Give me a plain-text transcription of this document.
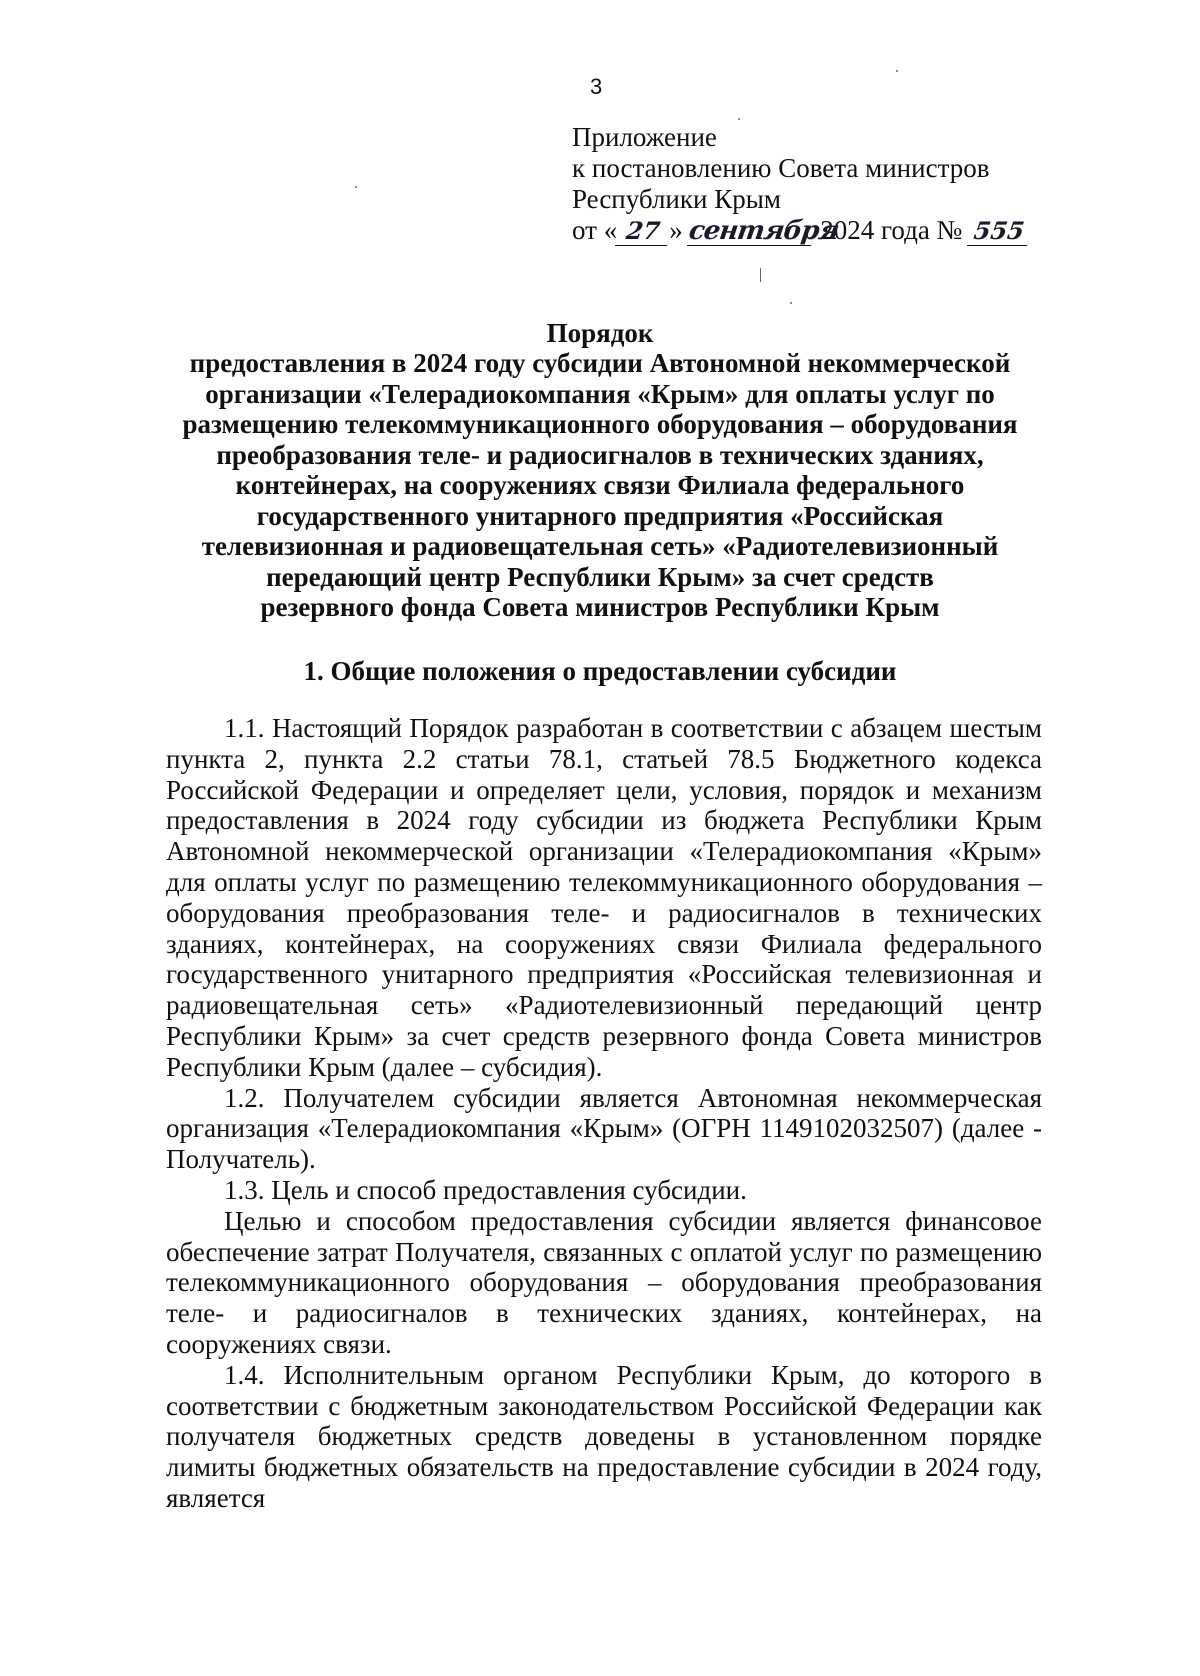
3
Приложение
к постановлению Совета министров
Республики Крым
от « 27 » сентября 2024 года № 555
Порядок
предоставления в 2024 году субсидии Автономной некоммерческой
организации «Телерадиокомпания «Крым» для оплаты услуг по
размещению телекоммуникационного оборудования – оборудования
преобразования теле- и радиосигналов в технических зданиях,
контейнерах, на сооружениях связи Филиала федерального
государственного унитарного предприятия «Российская
телевизионная и радиовещательная сеть» «Радиотелевизионный
передающий центр Республики Крым» за счет средств
резервного фонда Совета министров Республики Крым
1. Общие положения о предоставлении субсидии

1.1. Настоящий Порядок разработан в соответствии с абзацем шестым пункта 2, пункта 2.2 статьи 78.1, статьей 78.5 Бюджетного кодекса Российской Федерации и определяет цели, условия, порядок и механизм предоставления в 2024 году субсидии из бюджета Республики Крым Автономной некоммерческой организации «Телерадиокомпания «Крым» для оплаты услуг по размещению телекоммуникационного оборудования – оборудования преобразования теле- и радиосигналов в технических зданиях, контейнерах, на сооружениях связи Филиала федерального государственного унитарного предприятия «Российская телевизионная и радиовещательная сеть» «Радиотелевизионный передающий центр Республики Крым» за счет средств резервного фонда Совета министров Республики Крым (далее – субсидия).

1.2. Получателем субсидии является Автономная некоммерческая организация «Телерадиокомпания «Крым» (ОГРН 1149102032507) (далее - Получатель).

1.3. Цель и способ предоставления субсидии.

Целью и способом предоставления субсидии является финансовое обеспечение затрат Получателя, связанных с оплатой услуг по размещению телекоммуникационного оборудования – оборудования преобразования теле- и радиосигналов в технических зданиях, контейнерах, на сооружениях связи.

1.4. Исполнительным органом Республики Крым, до которого в соответствии с бюджетным законодательством Российской Федерации как получателя бюджетных средств доведены в установленном порядке лимиты бюджетных обязательств на предоставление субсидии в 2024 году, является
